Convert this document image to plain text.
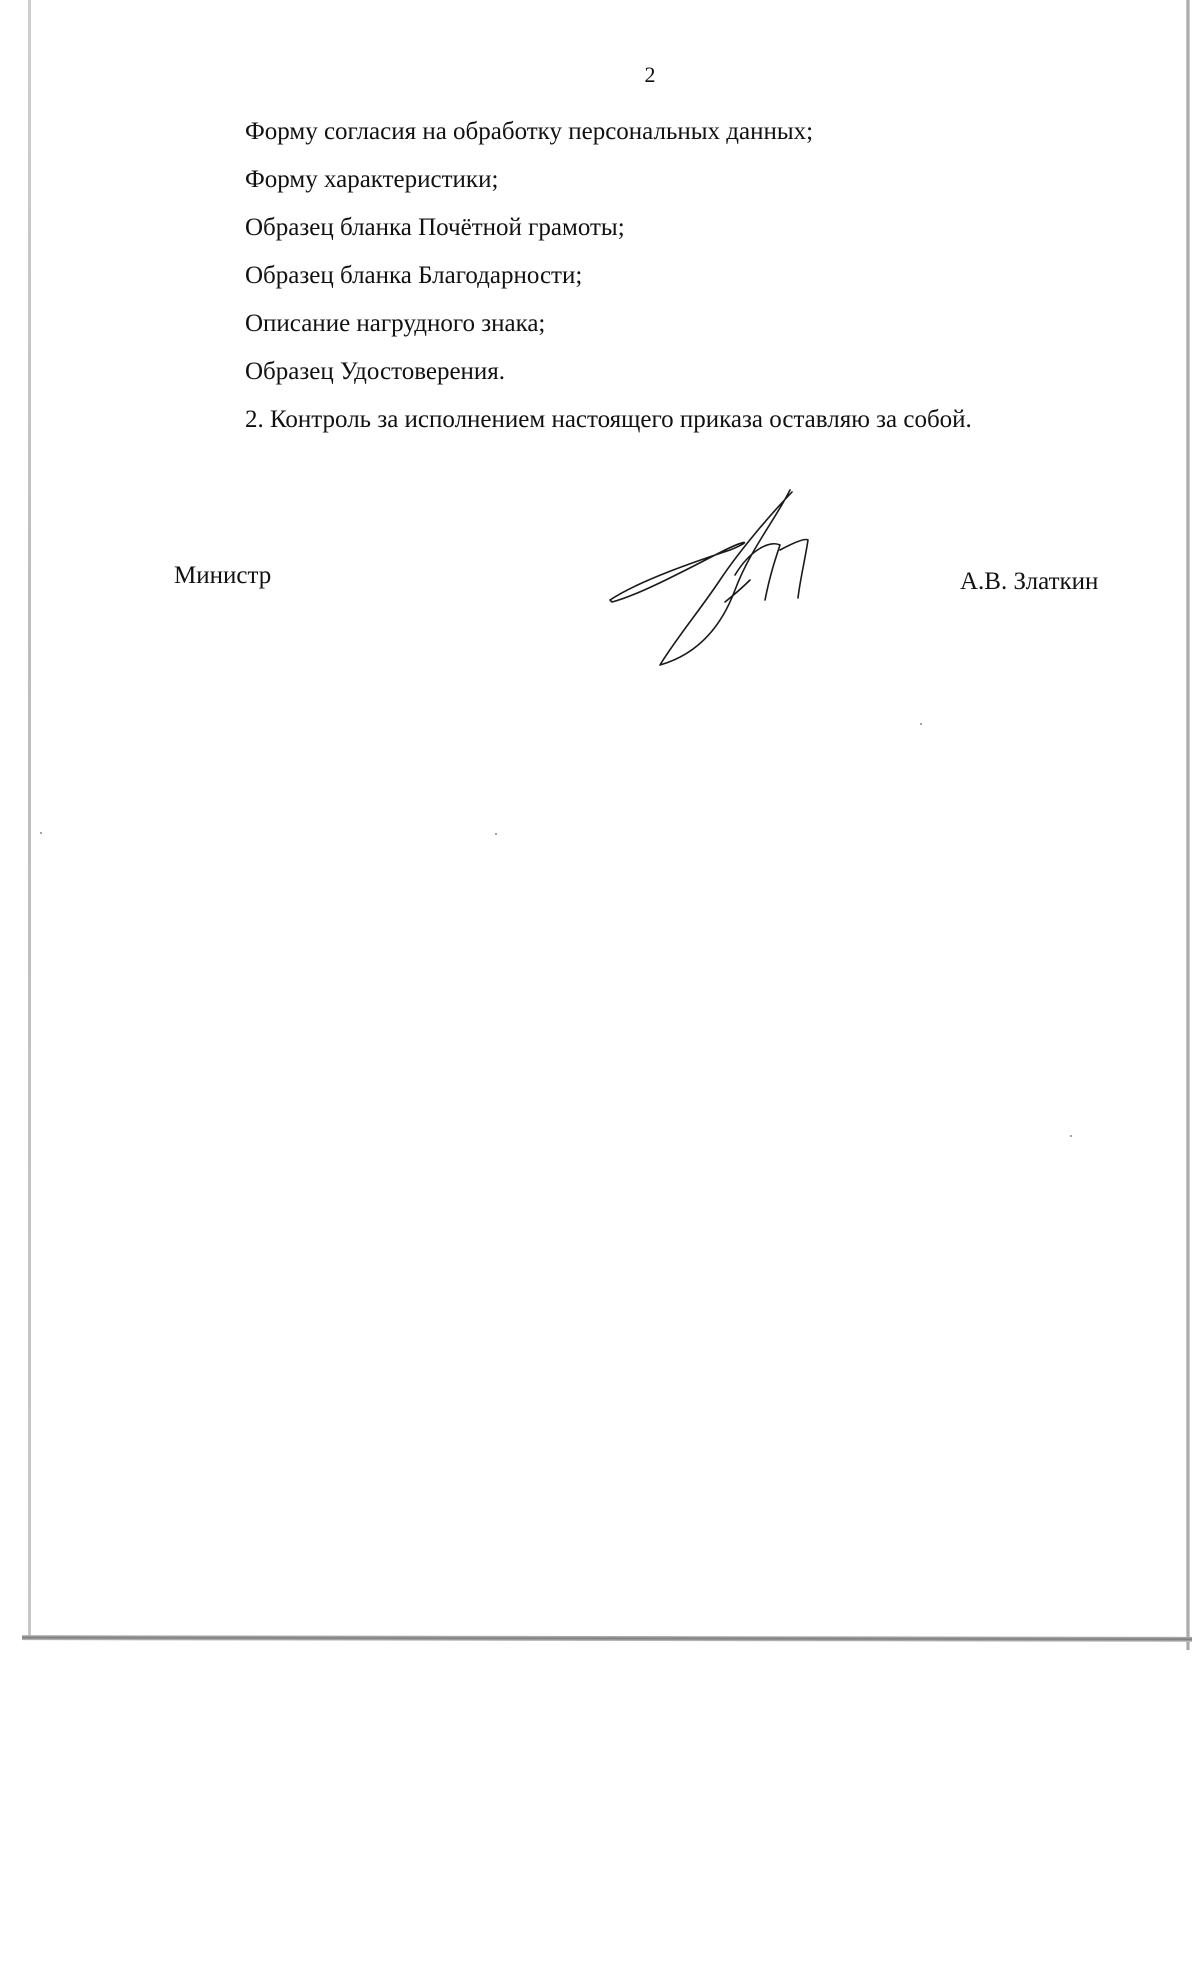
2
Форму согласия на обработку персональных данных;
Форму характеристики;
Образец бланка Почётной грамоты;
Образец бланка Благодарности;
Описание нагрудного знака;
Образец Удостоверения.
2. Контроль за исполнением настоящего приказа оставляю за собой.
Министр	А.В. Златкин
